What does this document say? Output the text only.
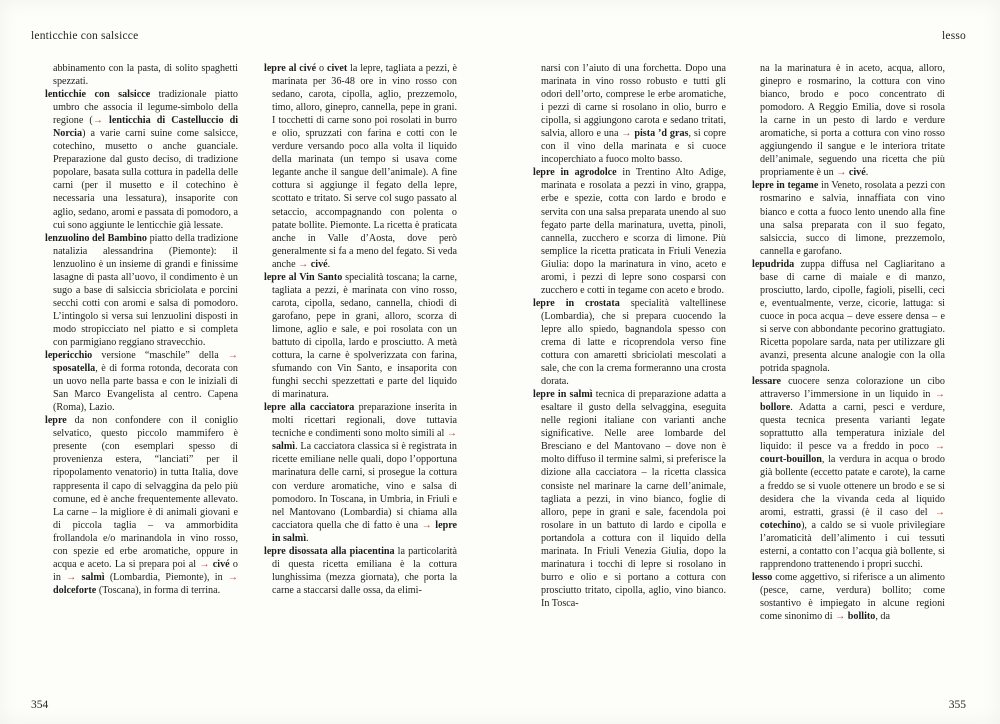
lenticchie con salsicce	lesso

abbinamento con la pasta, di solito spaghetti spezzati.

lenticchie con salsicce tradizionale piatto umbro che associa il legume-simbolo della regione (→ lenticchia di Castelluccio di Norcia) a varie carni suine come salsicce, cotechino, musetto o anche guanciale. Preparazione dal gusto deciso, di tradizione popolare, basata sulla cottura in padella delle carni (per il musetto e il cotechino è necessaria una lessatura), insaporite con aglio, sedano, aromi e passata di pomodoro, a cui sono aggiunte le lenticchie già lessate.

lenzuolino del Bambino piatto della tradizione natalizia alessandrina (Piemonte): il lenzuolino è un insieme di grandi e finissime lasagne di pasta all’uovo, il condimento è un sugo a base di salsiccia sbriciolata e porcini secchi cotti con aromi e salsa di pomodoro. L’intingolo si versa sui lenzuolini disposti in modo stropicciato nel piatto e si completa con parmigiano reggiano stravecchio.

lepericchio versione “maschile” della → sposatella, è di forma rotonda, decorata con un uovo nella parte bassa e con le iniziali di San Marco Evangelista al centro. Capena (Roma), Lazio.

lepre da non confondere con il coniglio selvatico, questo piccolo mammifero è presente (con esemplari spesso di provenienza estera, “lanciati” per il ripopolamento venatorio) in tutta Italia, dove rappresenta il capo di selvaggina da pelo più comune, ed è anche frequentemente allevato. La carne – la migliore è di animali giovani e di piccola taglia – va ammorbidita frollandola e/o marinandola in vino rosso, con spezie ed erbe aromatiche, oppure in acqua e aceto. La si prepara poi al → civé o in → salmì (Lombardia, Piemonte), in → dolceforte (Toscana), in forma di terrina.

lepre al civé o civet la lepre, tagliata a pezzi, è marinata per 36-48 ore in vino rosso con sedano, carota, cipolla, aglio, prezzemolo, timo, alloro, ginepro, cannella, pepe in grani. I tocchetti di carne sono poi rosolati in burro e olio, spruzzati con farina e cotti con le verdure versando poco alla volta il liquido della marinata (un tempo si usava come legante anche il sangue dell’animale). A fine cottura si aggiunge il fegato della lepre, scottato e tritato. Si serve col sugo passato al setaccio, accompagnando con polenta o patate bollite. Piemonte. La ricetta è praticata anche in Valle d’Aosta, dove però generalmente si fa a meno del fegato. Si veda anche → civé.

lepre al Vin Santo specialità toscana; la carne, tagliata a pezzi, è marinata con vino rosso, carota, cipolla, sedano, cannella, chiodi di garofano, pepe in grani, alloro, scorza di limone, aglio e sale, e poi rosolata con un battuto di cipolla, lardo e prosciutto. A metà cottura, la carne è spolverizzata con farina, sfumando con Vin Santo, e insaporita con funghi secchi spezzettati e parte del liquido di marinatura.

lepre alla cacciatora preparazione inserita in molti ricettari regionali, dove tuttavia tecniche e condimenti sono molto simili al → salmì. La cacciatora classica si è registrata in ricette emiliane nelle quali, dopo l’opportuna marinatura delle carni, si prosegue la cottura con verdure aromatiche, vino e salsa di pomodoro. In Toscana, in Umbria, in Friuli e nel Mantovano (Lombardia) si chiama alla cacciatora quella che di fatto è una → lepre in salmì.

lepre disossata alla piacentina la particolarità di questa ricetta emiliana è la cottura lunghissima (mezza giornata), che porta la carne a staccarsi dalle ossa, da elimi-

narsi con l’aiuto di una forchetta. Dopo una marinata in vino rosso robusto e tutti gli odori dell’orto, comprese le erbe aromatiche, i pezzi di carne si rosolano in olio, burro e cipolla, si aggiungono carota e sedano tritati, salvia, alloro e una → pista ’d gras, si copre con il vino della marinata e si cuoce incoperchiato a fuoco molto basso.

lepre in agrodolce in Trentino Alto Adige, marinata e rosolata a pezzi in vino, grappa, erbe e spezie, cotta con lardo e brodo e servita con una salsa preparata unendo al suo fegato parte della marinatura, uvetta, pinoli, cannella, zucchero e scorza di limone. Più semplice la ricetta praticata in Friuli Venezia Giulia: dopo la marinatura in vino, aceto e aromi, i pezzi di lepre sono cosparsi con zucchero e cotti in tegame con aceto e brodo.

lepre in crostata specialità valtellinese (Lombardia), che si prepara cuocendo la lepre allo spiedo, bagnandola spesso con crema di latte e ricoprendola verso fine cottura con amaretti sbriciolati mescolati a sale, che con la crema formeranno una crosta dorata.

lepre in salmì tecnica di preparazione adatta a esaltare il gusto della selvaggina, eseguita nelle regioni italiane con varianti anche significative. Nelle aree lombarde del Bresciano e del Mantovano – dove non è molto diffuso il termine salmì, si preferisce la dizione alla cacciatora – la ricetta classica consiste nel marinare la carne dell’animale, tagliata a pezzi, in vino bianco, foglie di alloro, pepe in grani e sale, facendola poi rosolare in un battuto di lardo e cipolla e portandola a cottura con il liquido della marinata. In Friuli Venezia Giulia, dopo la marinatura i tocchi di lepre si rosolano in burro e olio e si portano a cottura con prosciutto tritato, cipolla, aglio, vino bianco. In Tosca-

na la marinatura è in aceto, acqua, alloro, ginepro e rosmarino, la cottura con vino bianco, brodo e poco concentrato di pomodoro. A Reggio Emilia, dove si rosola la carne in un pesto di lardo e verdure aromatiche, si porta a cottura con vino rosso aggiungendo il sangue e le interiora tritate dell’animale, seguendo una ricetta che più propriamente è un → civé.

lepre in tegame in Veneto, rosolata a pezzi con rosmarino e salvia, innaffiata con vino bianco e cotta a fuoco lento unendo alla fine una salsa preparata con il suo fegato, salsiccia, succo di limone, prezzemolo, cannella e garofano.

lepudrida zuppa diffusa nel Cagliaritano a base di carne di maiale e di manzo, prosciutto, lardo, cipolle, fagioli, piselli, ceci e, eventualmente, verze, cicorie, lattuga: si cuoce in poca acqua – deve essere densa – e si serve con abbondante pecorino grattugiato. Ricetta popolare sarda, nata per utilizzare gli avanzi, presenta alcune analogie con la olla potrida spagnola.

lessare cuocere senza colorazione un cibo attraverso l’immersione in un liquido in → bollore. Adatta a carni, pesci e verdure, questa tecnica presenta varianti legate soprattutto alla temperatura iniziale del liquido: il pesce va a freddo in poco → court-bouillon, la verdura in acqua o brodo già bollente (eccetto patate e carote), la carne a freddo se si vuole ottenere un brodo e se si desidera che la vivanda ceda al liquido aromi, estratti, grassi (è il caso del → cotechino), a caldo se si vuole privilegiare l’aromaticità dell’alimento i cui tessuti esterni, a contatto con l’acqua già bollente, si rapprendono trattenendo i propri succhi.

lesso come aggettivo, si riferisce a un alimento (pesce, carne, verdura) bollito; come sostantivo è impiegato in alcune regioni come sinonimo di → bollito, da

354	355
